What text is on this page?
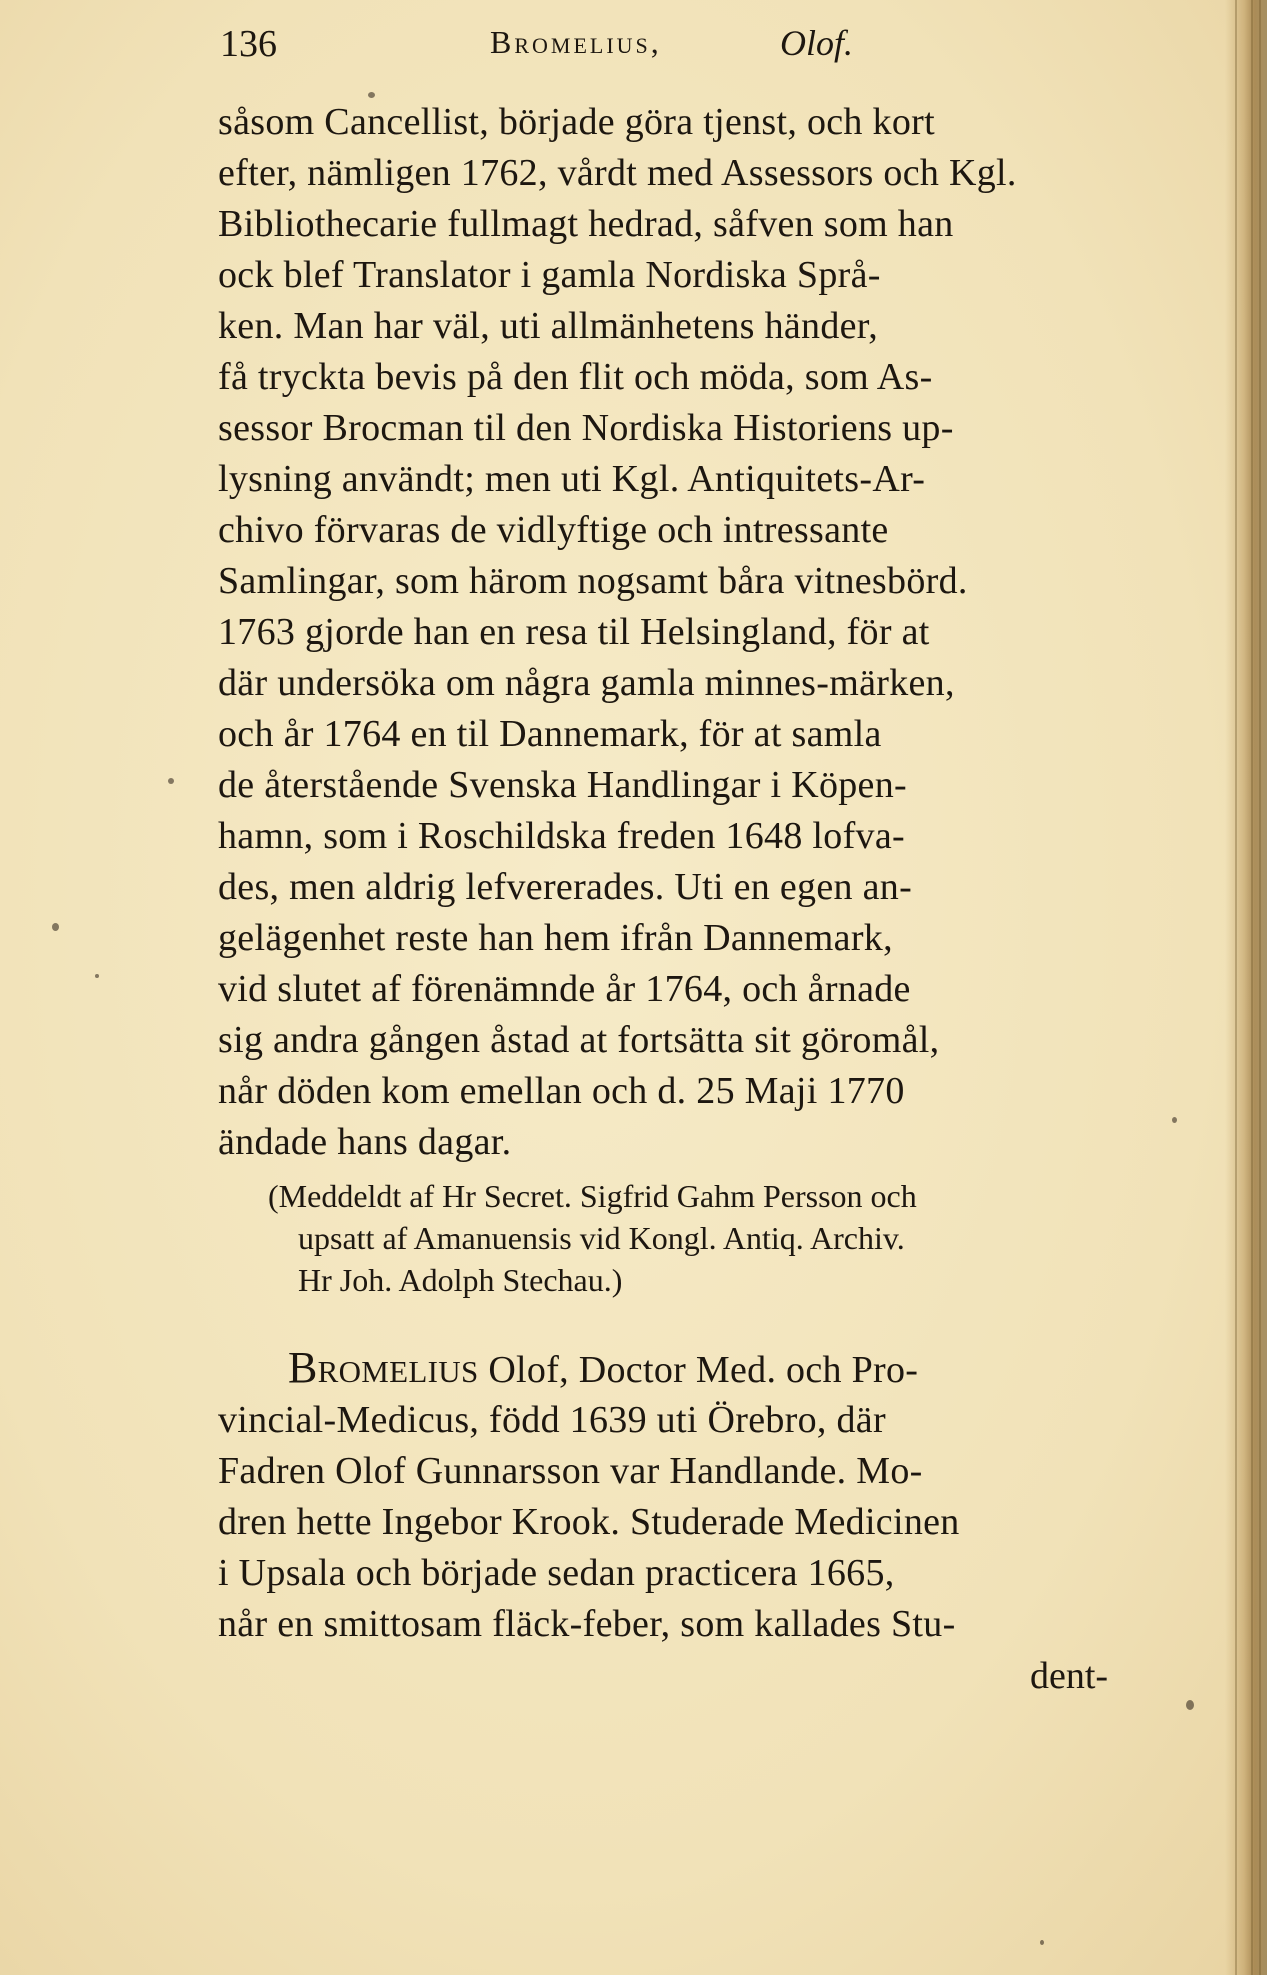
136	Bromelius,	Olof.
såsom Cancellist, började göra tjenst, och kort
efter, nämligen 1762, vårdt med Assessors och Kgl.
Bibliothecarie fullmagt hedrad, såfven som han
ock blef Translator i gamla Nordiska Språ-
ken. Man har väl, uti allmänhetens händer,
få tryckta bevis på den flit och möda, som As-
sessor Brocman til den Nordiska Historiens up-
lysning användt; men uti Kgl. Antiquitets-Ar-
chivo förvaras de vidlyftige och intressante
Samlingar, som härom nogsamt båra vitnesbörd.
1763 gjorde han en resa til Helsingland, för at
där undersöka om några gamla minnes-märken,
och år 1764 en til Dannemark, för at samla
de återstående Svenska Handlingar i Köpen-
hamn, som i Roschildska freden 1648 lofva-
des, men aldrig lefvererades. Uti en egen an-
gelägenhet reste han hem ifrån Dannemark,
vid slutet af förenämnde år 1764, och årnade
sig andra gången åstad at fortsätta sit göromål,
når döden kom emellan och d. 25 Maji 1770
ändade hans dagar.
(Meddeldt af Hr Secret. Sigfrid Gahm Persson och
upsatt af Amanuensis vid Kongl. Antiq. Archiv.
Hr Joh. Adolph Stechau.)
Bromelius Olof, Doctor Med. och Pro-
vincial-Medicus, född 1639 uti Örebro, där
Fadren Olof Gunnarsson var Handlande. Mo-
dren hette Ingebor Krook. Studerade Medicinen
i Upsala och började sedan practicera 1665,
når en smittosam fläck-feber, som kallades Stu-
dent-
